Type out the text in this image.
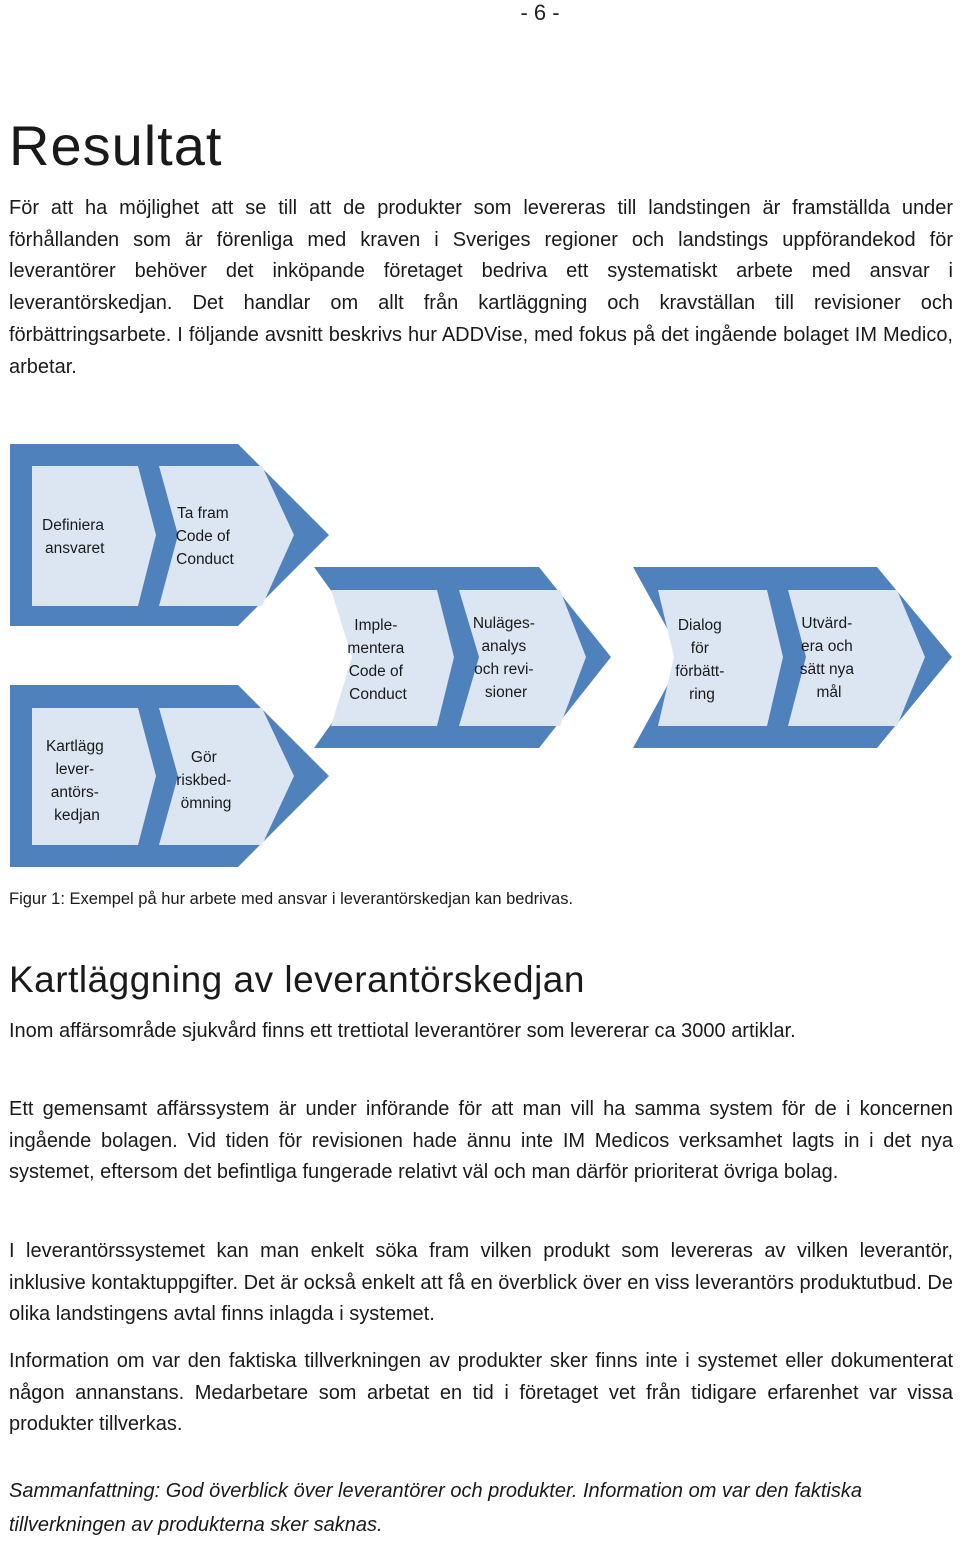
- 6 -
Resultat

För att ha möjlighet att se till att de produkter som levereras till landstingen är framställda under förhållanden som är förenliga med kraven i Sveriges regioner och landstings uppförandekod för leverantörer behöver det inköpande företaget bedriva ett systematiskt arbete med ansvar i leverantörskedjan. Det handlar om allt från kartläggning och kravställan till revisioner och förbättringsarbete. I följande avsnitt beskrivs hur ADDVise, med fokus på det ingående bolaget IM Medico, arbetar.

Definiera ansvaret
Ta fram Code of Conduct
Kartlägg lever- antörs- kedjan
Gör riskbed- ömning
Imple- mentera Code of Conduct
Nuläges- analys och revi- sioner
Dialog för förbätt- ring
Utvärd- era och sätt nya mål

Figur 1: Exempel på hur arbete med ansvar i leverantörskedjan kan bedrivas.

Kartläggning av leverantörskedjan

Inom affärsområde sjukvård finns ett trettiotal leverantörer som levererar ca 3000 artiklar.

Ett gemensamt affärssystem är under införande för att man vill ha samma system för de i koncernen ingående bolagen. Vid tiden för revisionen hade ännu inte IM Medicos verksamhet lagts in i det nya systemet, eftersom det befintliga fungerade relativt väl och man därför prioriterat övriga bolag.

I leverantörssystemet kan man enkelt söka fram vilken produkt som levereras av vilken leverantör, inklusive kontaktuppgifter. Det är också enkelt att få en överblick över en viss leverantörs produktutbud. De olika landstingens avtal finns inlagda i systemet.

Information om var den faktiska tillverkningen av produkter sker finns inte i systemet eller dokumenterat någon annanstans. Medarbetare som arbetat en tid i företaget vet från tidigare erfarenhet var vissa produkter tillverkas.

Sammanfattning: God överblick över leverantörer och produkter. Information om var den faktiska tillverkningen av produkterna sker saknas.
